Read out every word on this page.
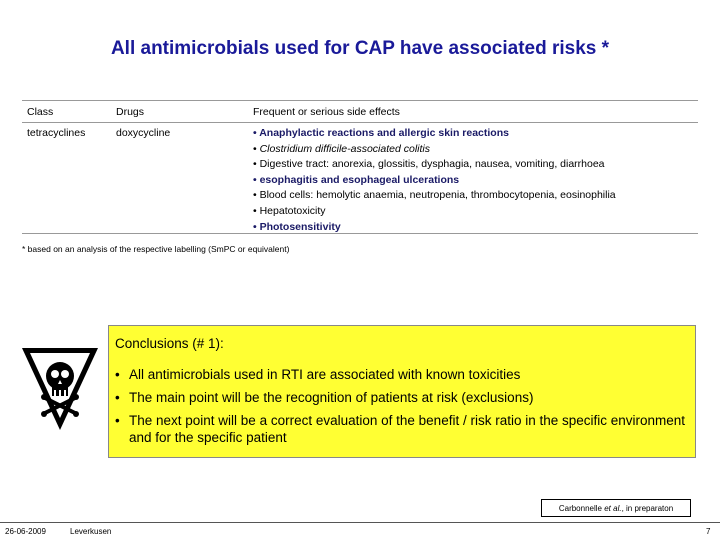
All antimicrobials used for CAP have associated risks *
Class	Drugs	Frequent or serious side effects
tetracyclines	doxycycline	• Anaphylactic reactions and allergic skin reactions
• Clostridium difficile-associated colitis
• Digestive tract: anorexia, glossitis, dysphagia, nausea, vomiting, diarrhoea
• esophagitis and esophageal ulcerations
• Blood cells: hemolytic anaemia, neutropenia, thrombocytopenia, eosinophilia
• Hepatotoxicity
• Photosensitivity
* based on an analysis of the respective labelling (SmPC or equivalent)
Conclusions (# 1):
• All antimicrobials used in RTI are associated with known toxicities
• The main point will be the recognition of patients at risk (exclusions)
• The next point will be a correct evaluation of the benefit / risk ratio in the specific environment and for the specific patient
Carbonnelle et al., in preparaton
26-06-2009	Leverkusen	7
